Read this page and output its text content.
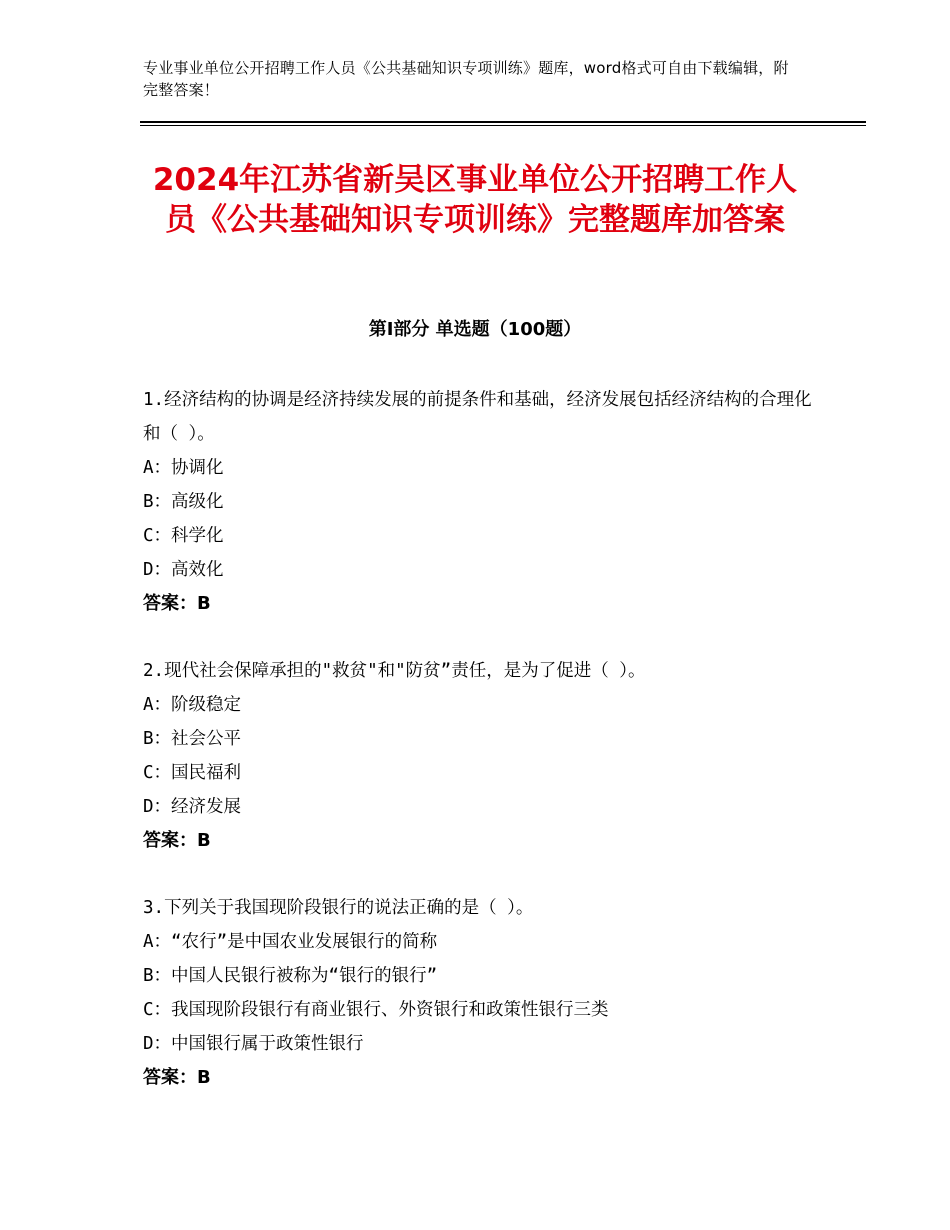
专业事业单位公开招聘工作人员《公共基础知识专项训练》题库，word格式可自由下载编辑，附完整答案！
2024年江苏省新吴区事业单位公开招聘工作人员《公共基础知识专项训练》完整题库加答案
第Ⅰ部分 单选题（100题）
1.经济结构的协调是经济持续发展的前提条件和基础，经济发展包括经济结构的合理化和（ ）。
A：协调化
B：高级化
C：科学化
D：高效化
答案：B
2.现代社会保障承担的"救贫"和"防贫”责任，是为了促进（ ）。
A：阶级稳定
B：社会公平
C：国民福利
D：经济发展
答案：B
3.下列关于我国现阶段银行的说法正确的是（ ）。
A：“农行”是中国农业发展银行的简称
B：中国人民银行被称为“银行的银行”
C：我国现阶段银行有商业银行、外资银行和政策性银行三类
D：中国银行属于政策性银行
答案：B
